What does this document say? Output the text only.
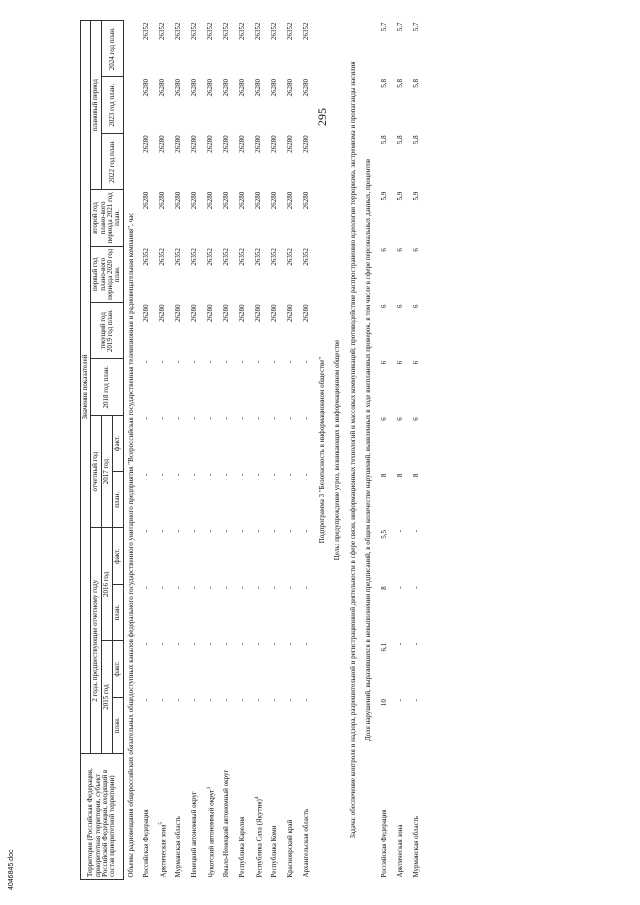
295
4046845.doc	Территория (Российская Федерация, приоритетная территория, субъект Российской Федерации, входящий в состав приоритетной территории)	Значения показателей												
	2 года, предшествующие отчетному году				отчетный год		2018 год план.	текущий год 2019 год план.	первый год плано-вого периода 2020 год план.	второй год плано-вого периода 2021 год план.	плановый период		
	2015 год		2016 год		2017 год						2022 год план.	2023 год план.	2024 год план.
	план.	факт.	план.	факт.	план.	факт.							
Объемы радиовещания общероссийских обязательных общедоступных каналов федерального государственного унитарного предприятия "Всероссийская государственная телевизионная и радиовещательная компания", час													
Российская Федерация	-	-	-	-	-	-	-	26280	26352	26280	26280	26280	26352
Арктическая зона$^5$	-	-	-	-	-	-	-	26280	26352	26280	26280	26280	26352
Мурманская область	-	-	-	-	-	-	-	26280	26352	26280	26280	26280	26352
Ненецкий автономный округ	-	-	-	-	-	-	-	26280	26352	26280	26280	26280	26352
Чукотский автономный округ$^3$	-	-	-	-	-	-	-	26280	26352	26280	26280	26280	26352
Ямало-Ненецкий автономный округ	-	-	-	-	-	-	-	26280	26352	26280	26280	26280	26352
Республика Карелия	-	-	-	-	-	-	-	26280	26352	26280	26280	26280	26352
Республика Саха (Якутия)$^4$	-	-	-	-	-	-	-	26280	26352	26280	26280	26280	26352
Республика Коми	-	-	-	-	-	-	-	26280	26352	26280	26280	26280	26352
Красноярский край	-	-	-	-	-	-	-	26280	26352	26280	26280	26280	26352
Архангельская область	-	-	-	-	-	-	-	26280	26352	26280	26280	26280	26352
Подпрограмма 3 "Безопасность в информационном обществе"													
Цель: предупреждение угроз, возникающих в информационном обществе													
Задача: обеспечение контроля и надзора, разрешительной и регистрационной деятельности в сфере связи, информационных технологий и массовых коммуникаций; противодействие распространению идеологии терроризма, экстремизма и пропаганды насилия													
Доля нарушений, выразившихся в невыполнении предписаний, в общем количестве нарушений, выявленных в ходе внеплановых проверок, в том числе в сфере персональных данных, процентов													
Российская Федерация	10	6,1	8	5,5	8	6	6	6	6	5,9	5,8	5,8	5,7
Арктическая зона	-	-	-	-	8	6	6	6	6	5,9	5,8	5,8	5,7
Мурманская область	-	-	-	-	8	6	6	6	6	5,9	5,8	5,8	5,7
